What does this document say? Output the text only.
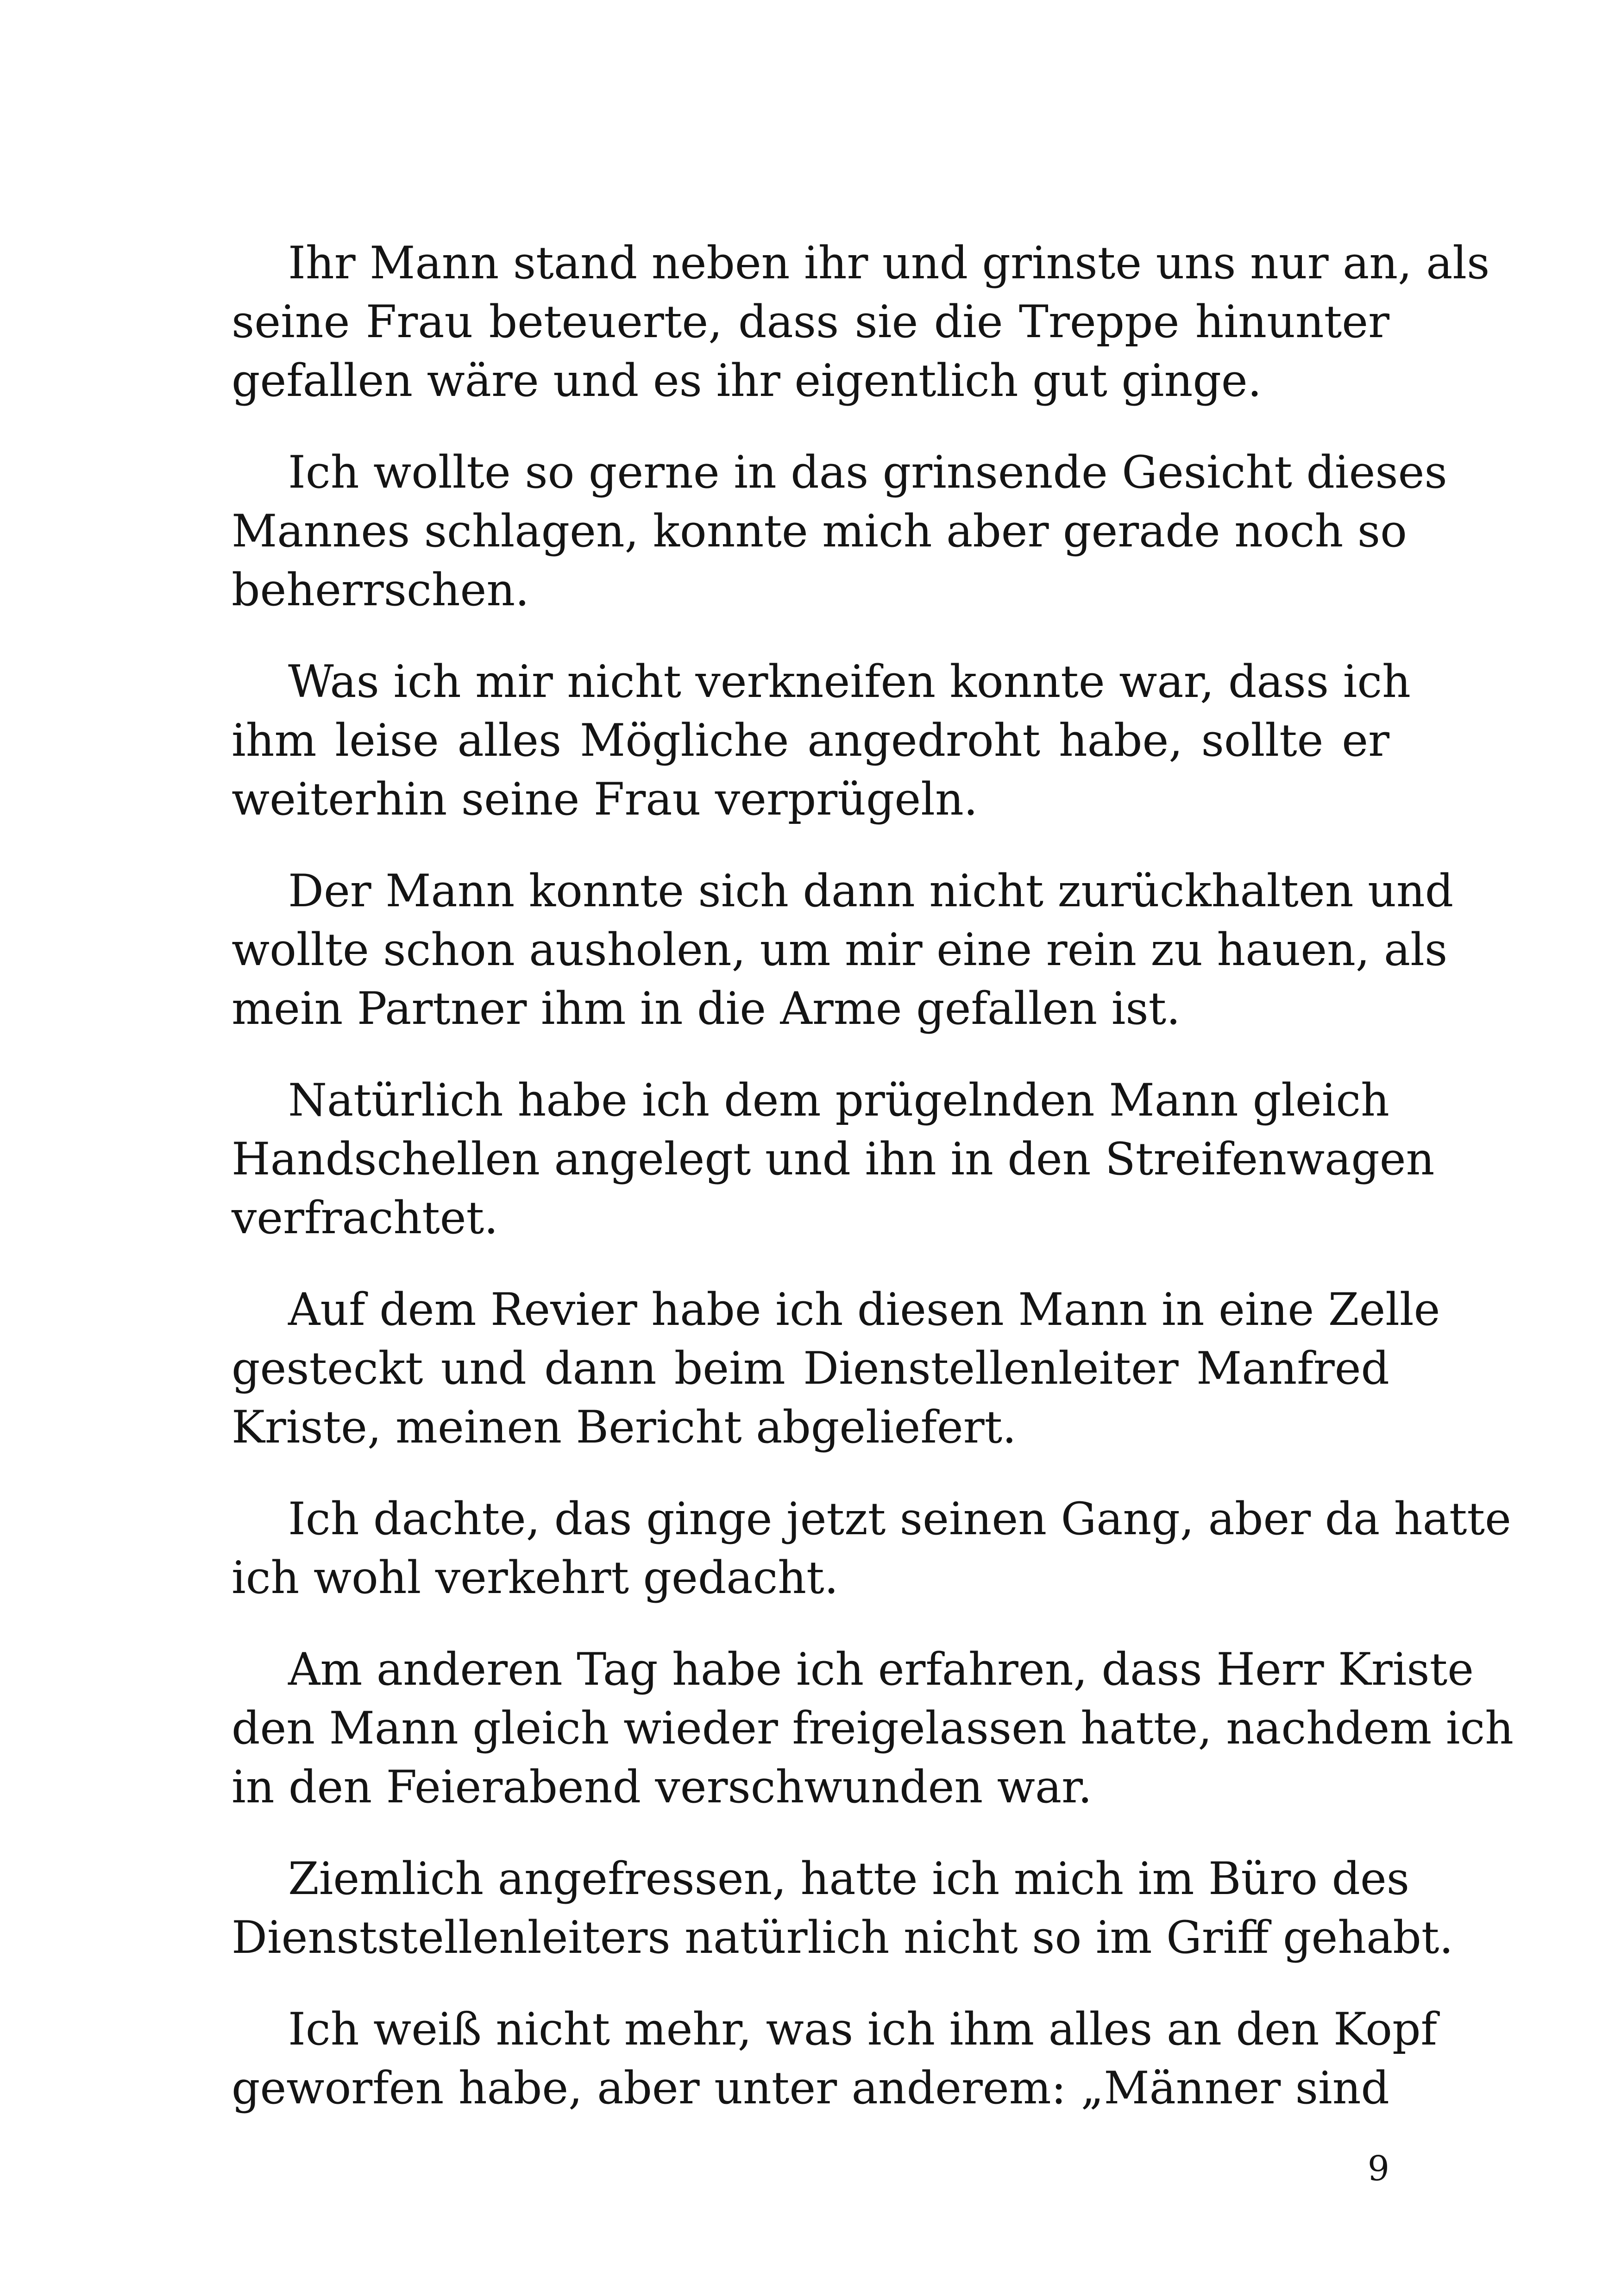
Ihr Mann stand neben ihr und grinste uns nur an, als
seine Frau beteuerte, dass sie die Treppe hinunter
gefallen wäre und es ihr eigentlich gut ginge.

Ich wollte so gerne in das grinsende Gesicht dieses
Mannes schlagen, konnte mich aber gerade noch so
beherrschen.

Was ich mir nicht verkneifen konnte war, dass ich
ihm leise alles Mögliche angedroht habe, sollte er
weiterhin seine Frau verprügeln.

Der Mann konnte sich dann nicht zurückhalten und
wollte schon ausholen, um mir eine rein zu hauen, als
mein Partner ihm in die Arme gefallen ist.

Natürlich habe ich dem prügelnden Mann gleich
Handschellen angelegt und ihn in den Streifenwagen
verfrachtet.

Auf dem Revier habe ich diesen Mann in eine Zelle
gesteckt und dann beim Dienstellenleiter Manfred
Kriste, meinen Bericht abgeliefert.

Ich dachte, das ginge jetzt seinen Gang, aber da hatte
ich wohl verkehrt gedacht.

Am anderen Tag habe ich erfahren, dass Herr Kriste
den Mann gleich wieder freigelassen hatte, nachdem ich
in den Feierabend verschwunden war.

Ziemlich angefressen, hatte ich mich im Büro des
Dienststellenleiters natürlich nicht so im Griff gehabt.

Ich weiß nicht mehr, was ich ihm alles an den Kopf
geworfen habe, aber unter anderem: „Männer sind

9
